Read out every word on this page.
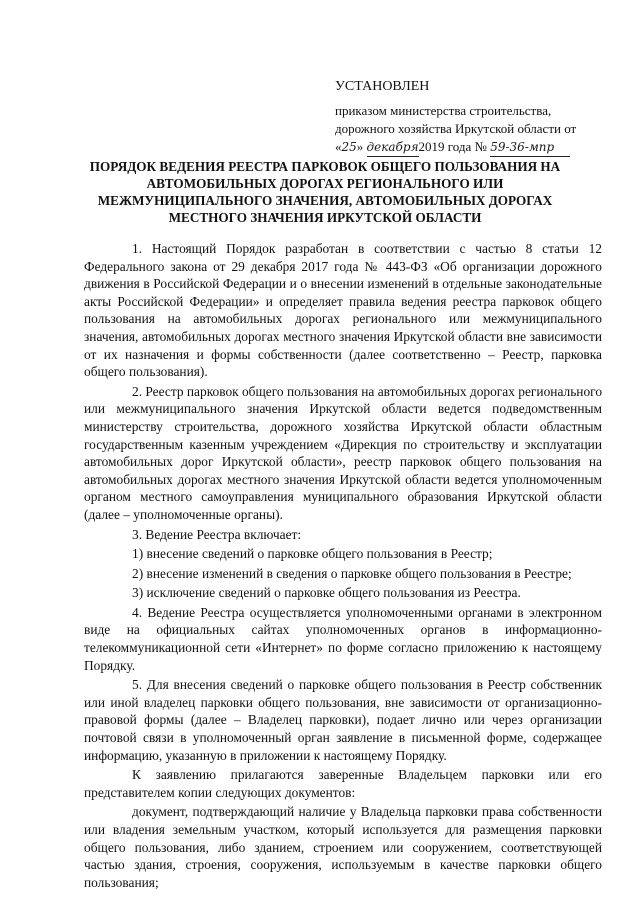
УСТАНОВЛЕН
приказом министерства строительства,
дорожного хозяйства Иркутской области от
«25» декабря2019 года № 59-36-мпр
ПОРЯДОК ВЕДЕНИЯ РЕЕСТРА ПАРКОВОК ОБЩЕГО ПОЛЬЗОВАНИЯ НА АВТОМОБИЛЬНЫХ ДОРОГАХ РЕГИОНАЛЬНОГО ИЛИ МЕЖМУНИЦИПАЛЬНОГО ЗНАЧЕНИЯ, АВТОМОБИЛЬНЫХ ДОРОГАХ МЕСТНОГО ЗНАЧЕНИЯ ИРКУТСКОЙ ОБЛАСТИ

1. Настоящий Порядок разработан в соответствии с частью 8 статьи 12 Федерального закона от 29 декабря 2017 года № 443-ФЗ «Об организации дорожного движения в Российской Федерации и о внесении изменений в отдельные законодательные акты Российской Федерации» и определяет правила ведения реестра парковок общего пользования на автомобильных дорогах регионального или межмуниципального значения, автомобильных дорогах местного значения Иркутской области вне зависимости от их назначения и формы собственности (далее соответственно – Реестр, парковка общего пользования).

2. Реестр парковок общего пользования на автомобильных дорогах регионального или межмуниципального значения Иркутской области ведется подведомственным министерству строительства, дорожного хозяйства Иркутской области областным государственным казенным учреждением «Дирекция по строительству и эксплуатации автомобильных дорог Иркутской области», реестр парковок общего пользования на автомобильных дорогах местного значения Иркутской области ведется уполномоченным органом местного самоуправления муниципального образования Иркутской области (далее – уполномоченные органы).

3. Ведение Реестра включает:

1) внесение сведений о парковке общего пользования в Реестр;

2) внесение изменений в сведения о парковке общего пользования в Реестре;

3) исключение сведений о парковке общего пользования из Реестра.

4. Ведение Реестра осуществляется уполномоченными органами в электронном виде на официальных сайтах уполномоченных органов в информационно-телекоммуникационной сети «Интернет» по форме согласно приложению к настоящему Порядку.

5. Для внесения сведений о парковке общего пользования в Реестр собственник или иной владелец парковки общего пользования, вне зависимости от организационно-правовой формы (далее – Владелец парковки), подает лично или через организации почтовой связи в уполномоченный орган заявление в письменной форме, содержащее информацию, указанную в приложении к настоящему Порядку.

К заявлению прилагаются заверенные Владельцем парковки или его представителем копии следующих документов:

документ, подтверждающий наличие у Владельца парковки права собственности или владения земельным участком, который используется для размещения парковки общего пользования, либо зданием, строением или сооружением, соответствующей частью здания, строения, сооружения, используемым в качестве парковки общего пользования;
